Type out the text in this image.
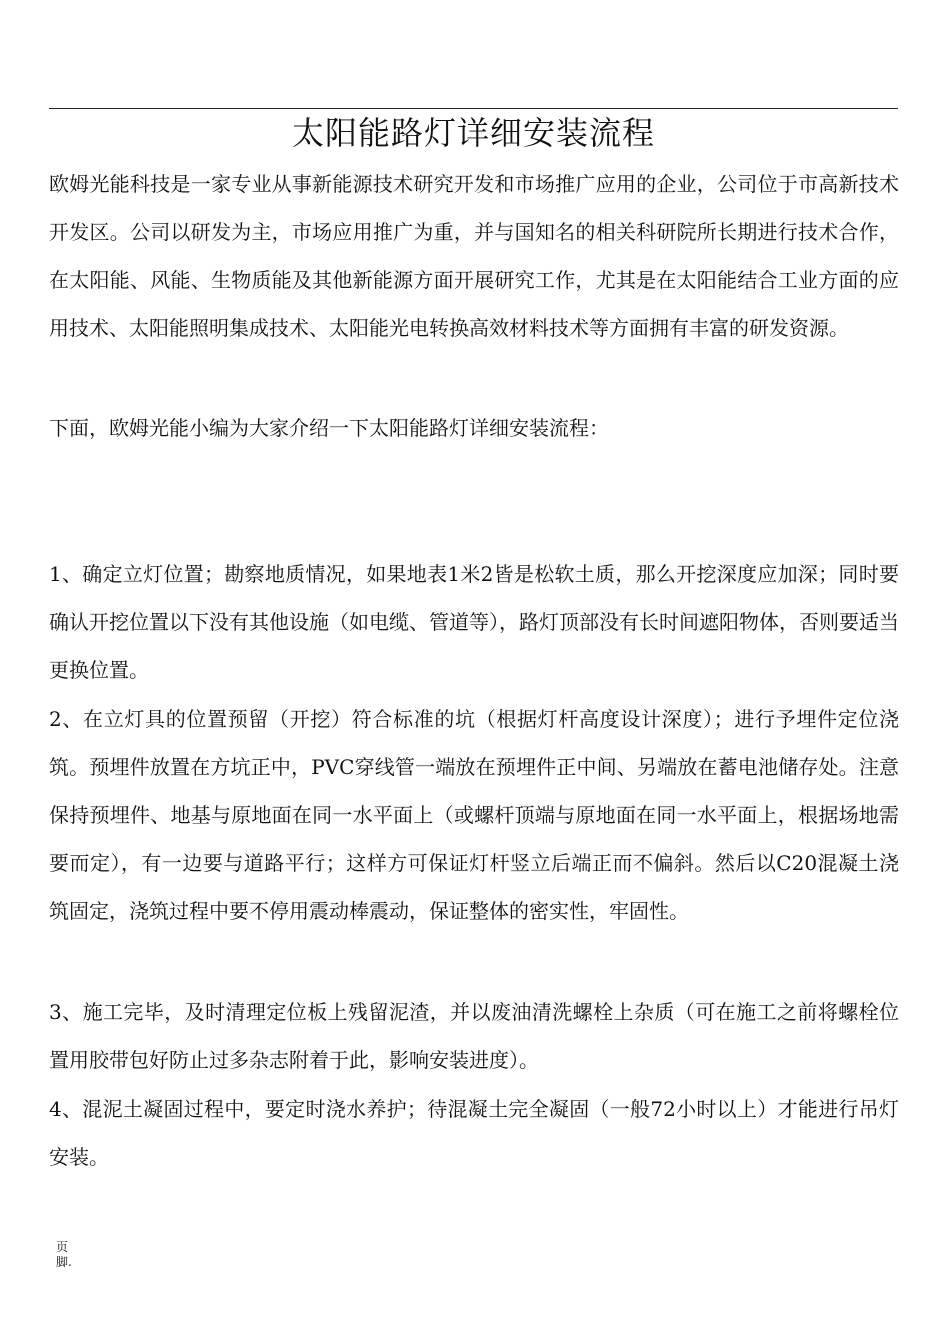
太阳能路灯详细安装流程
欧姆光能科技是一家专业从事新能源技术研究开发和市场推广应用的企业，公司位于市高新技术开发区。公司以研发为主，市场应用推广为重，并与国知名的相关科研院所长期进行技术合作，在太阳能、风能、生物质能及其他新能源方面开展研究工作，尤其是在太阳能结合工业方面的应用技术、太阳能照明集成技术、太阳能光电转换高效材料技术等方面拥有丰富的研发资源。
下面，欧姆光能小编为大家介绍一下太阳能路灯详细安装流程：
1、确定立灯位置；勘察地质情况，如果地表1米2皆是松软土质，那么开挖深度应加深；同时要确认开挖位置以下没有其他设施（如电缆、管道等），路灯顶部没有长时间遮阳物体，否则要适当更换位置。
2、在立灯具的位置预留（开挖）符合标准的坑（根据灯杆高度设计深度）；进行予埋件定位浇筑。预埋件放置在方坑正中，PVC穿线管一端放在预埋件正中间、另端放在蓄电池储存处。注意保持预埋件、地基与原地面在同一水平面上（或螺杆顶端与原地面在同一水平面上，根据场地需要而定），有一边要与道路平行；这样方可保证灯杆竖立后端正而不偏斜。然后以C20混凝土浇筑固定，浇筑过程中要不停用震动棒震动，保证整体的密实性，牢固性。
3、施工完毕，及时清理定位板上残留泥渣，并以废油清洗螺栓上杂质（可在施工之前将螺栓位置用胶带包好防止过多杂志附着于此，影响安装进度）。
4、混泥土凝固过程中，要定时浇水养护；待混凝土完全凝固（一般72小时以上）才能进行吊灯安装。
页
脚.
